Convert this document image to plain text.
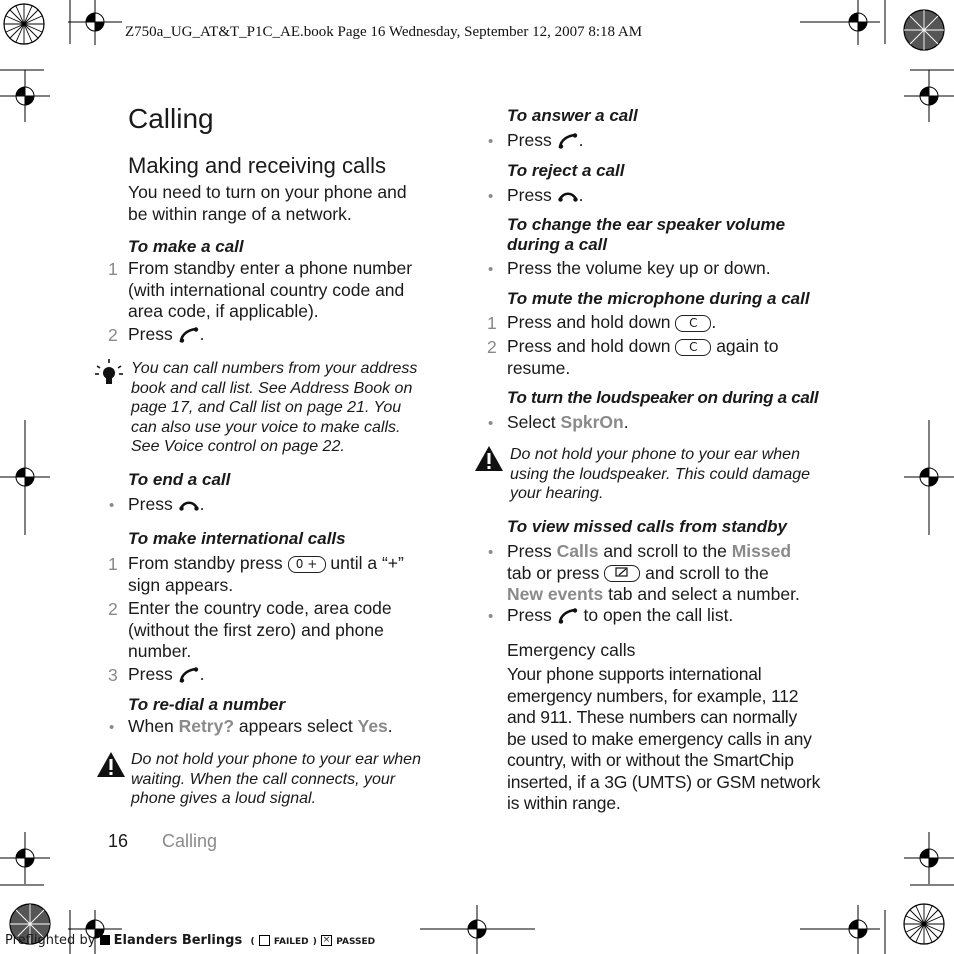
Z750a_UG_AT&T_P1C_AE.book Page 16 Wednesday, September 12, 2007 8:18 AM
Calling
Making and receiving calls
You need to turn on your phone and
be within range of a network.
To make a call
1 From standby enter a phone number
(with international country code and
area code, if applicable).
2 Press .
You can call numbers from your address
book and call list. See Address Book on
page 17, and Call list on page 21. You
can also use your voice to make calls.
See Voice control on page 22.
To end a call
• Press .
To make international calls
1 From standby press 0 + until a “+”
sign appears.
2 Enter the country code, area code
(without the first zero) and phone
number.
3 Press .
To re-dial a number
• When Retry? appears select Yes.
Do not hold your phone to your ear when
waiting. When the call connects, your
phone gives a loud signal.
16 Calling
To answer a call
• Press .
To reject a call
• Press .
To change the ear speaker volume
during a call
• Press the volume key up or down.
To mute the microphone during a call
1 Press and hold down C .
2 Press and hold down C again to
resume.
To turn the loudspeaker on during a call
• Select SpkrOn.
Do not hold your phone to your ear when
using the loudspeaker. This could damage
your hearing.
To view missed calls from standby
• Press Calls and scroll to the Missed
tab or press	and scroll to the
New events tab and select a number.
• Press to open the call list.
Emergency calls
Your phone supports international
emergency numbers, for example, 112
and 911. These numbers can normally
be used to make emergency calls in any
country, with or without the SmartChip
inserted, if a 3G (UMTS) or GSM network
is within range.
Preflighted by Elanders Berlings ( FAILED ) × PASSED
